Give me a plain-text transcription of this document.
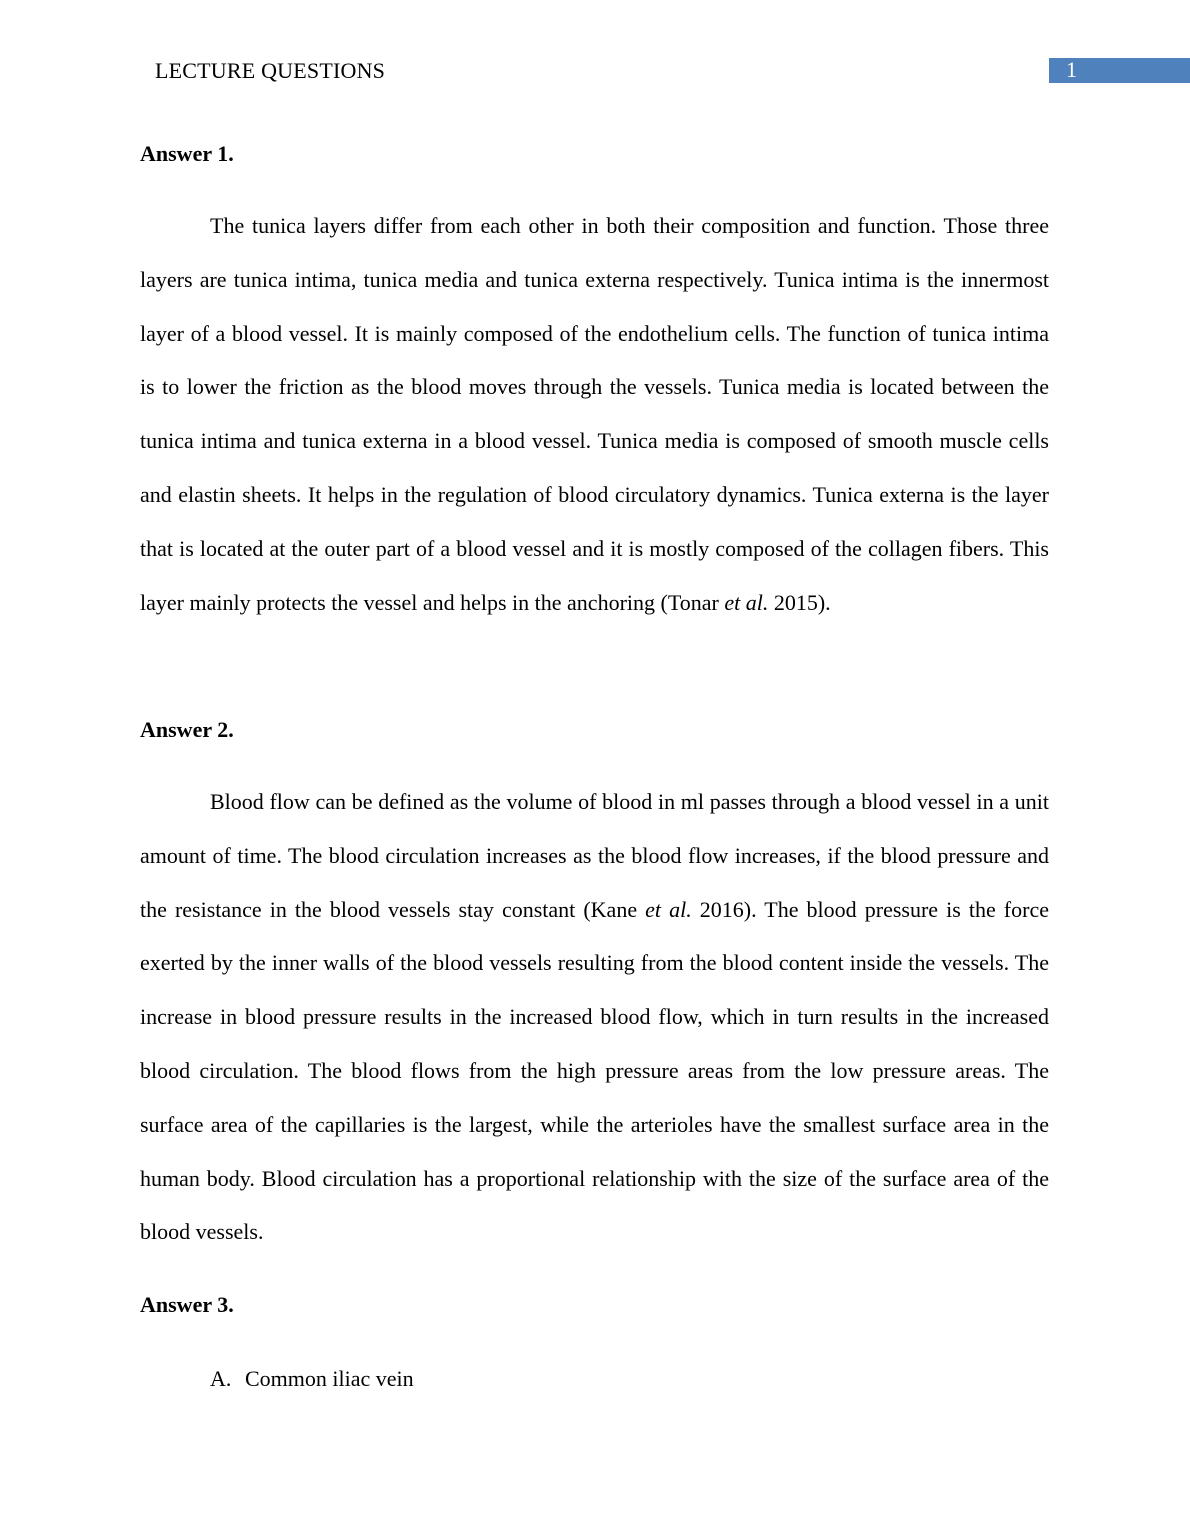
LECTURE QUESTIONS	1
Answer 1.

The tunica layers differ from each other in both their composition and function. Those three layers are tunica intima, tunica media and tunica externa respectively. Tunica intima is the innermost layer of a blood vessel. It is mainly composed of the endothelium cells. The function of tunica intima is to lower the friction as the blood moves through the vessels. Tunica media is located between the tunica intima and tunica externa in a blood vessel. Tunica media is composed of smooth muscle cells and elastin sheets. It helps in the regulation of blood circulatory dynamics. Tunica externa is the layer that is located at the outer part of a blood vessel and it is mostly composed of the collagen fibers. This layer mainly protects the vessel and helps in the anchoring (Tonar et al. 2015).

Answer 2.

Blood flow can be defined as the volume of blood in ml passes through a blood vessel in a unit amount of time. The blood circulation increases as the blood flow increases, if the blood pressure and the resistance in the blood vessels stay constant (Kane et al. 2016). The blood pressure is the force exerted by the inner walls of the blood vessels resulting from the blood content inside the vessels. The increase in blood pressure results in the increased blood flow, which in turn results in the increased blood circulation. The blood flows from the high pressure areas from the low pressure areas. The surface area of the capillaries is the largest, while the arterioles have the smallest surface area in the human body. Blood circulation has a proportional relationship with the size of the surface area of the blood vessels.

Answer 3.
A. Common iliac vein
